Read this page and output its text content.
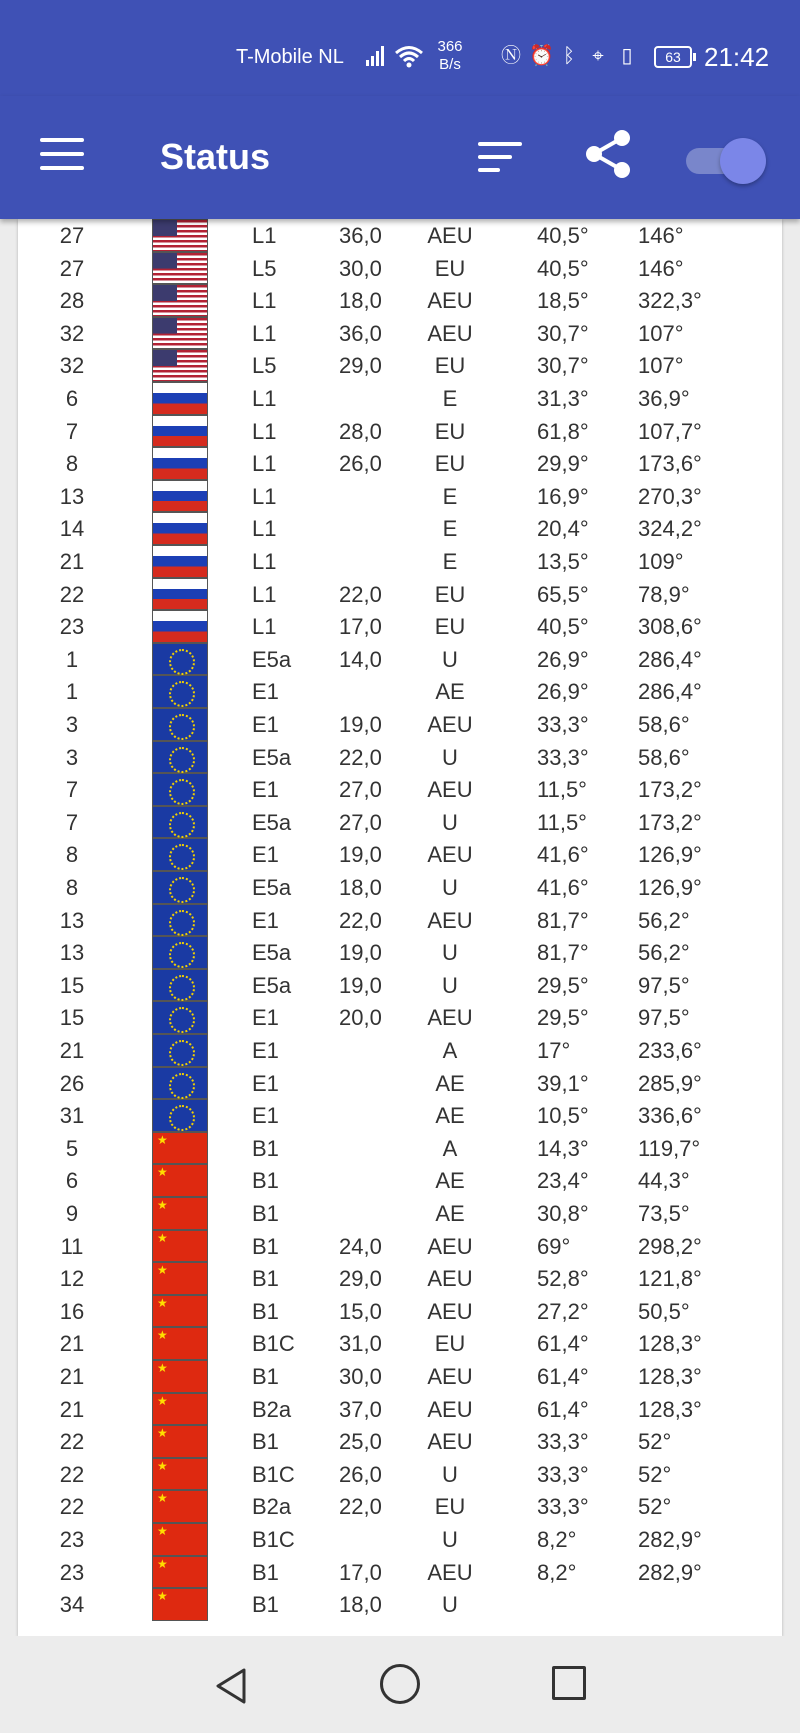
T-Mobile NL	366
B/s	Ⓝ ⏰ ᛒ ⌖ ▯	63 21:42
Status
27	L1	36,0 AEU	40,5° 146°
27	L5	30,0	EU	40,5° 146°
28	L1	18,0 AEU	18,5° 322,3°
32	L1	36,0 AEU	30,7° 107°
32	L5	29,0	EU	30,7° 107°
6	L1	E	31,3° 36,9°
7	L1	28,0	EU	61,8° 107,7°
8	L1	26,0	EU	29,9° 173,6°
13	L1	E	16,9° 270,3°
14	L1	E	20,4° 324,2°
21	L1	E	13,5° 109°
22	L1	22,0	EU	65,5° 78,9°
23	L1	17,0	EU	40,5° 308,6°
1	E5a 14,0	U	26,9° 286,4°
1	E1	AE	26,9° 286,4°
3	E1	19,0 AEU	33,3° 58,6°
3	E5a 22,0	U	33,3° 58,6°
7	E1	27,0 AEU	11,5° 173,2°
7	E5a 27,0	U	11,5° 173,2°
8	E1	19,0 AEU	41,6° 126,9°
8	E5a 18,0	U	41,6° 126,9°
13	E1	22,0 AEU	81,7° 56,2°
13	E5a 19,0	U	81,7° 56,2°
15	E5a 19,0	U	29,5° 97,5°
15	E1	20,0 AEU	29,5° 97,5°
21	E1	A	17°	233,6°
26	E1	AE	39,1° 285,9°
31	E1	AE	10,5° 336,6°
5 ★	B1	A	14,3° 119,7°
6 ★	B1	AE	23,4° 44,3°
9 ★	B1	AE	30,8° 73,5°
11 ★	B1	24,0 AEU	69°	298,2°
12 ★	B1	29,0 AEU	52,8° 121,8°
16 ★	B1	15,0 AEU	27,2° 50,5°
21 ★	B1C 31,0	EU	61,4° 128,3°
21 ★	B1	30,0 AEU	61,4° 128,3°
21 ★	B2a 37,0 AEU	61,4° 128,3°
22 ★	B1	25,0 AEU	33,3° 52°
22 ★	B1C 26,0	U	33,3° 52°
22 ★	B2a 22,0	EU	33,3° 52°
23 ★	B1C	U	8,2°	282,9°
23 ★	B1	17,0 AEU	8,2°	282,9°
34 ★	B1	18,0	U
